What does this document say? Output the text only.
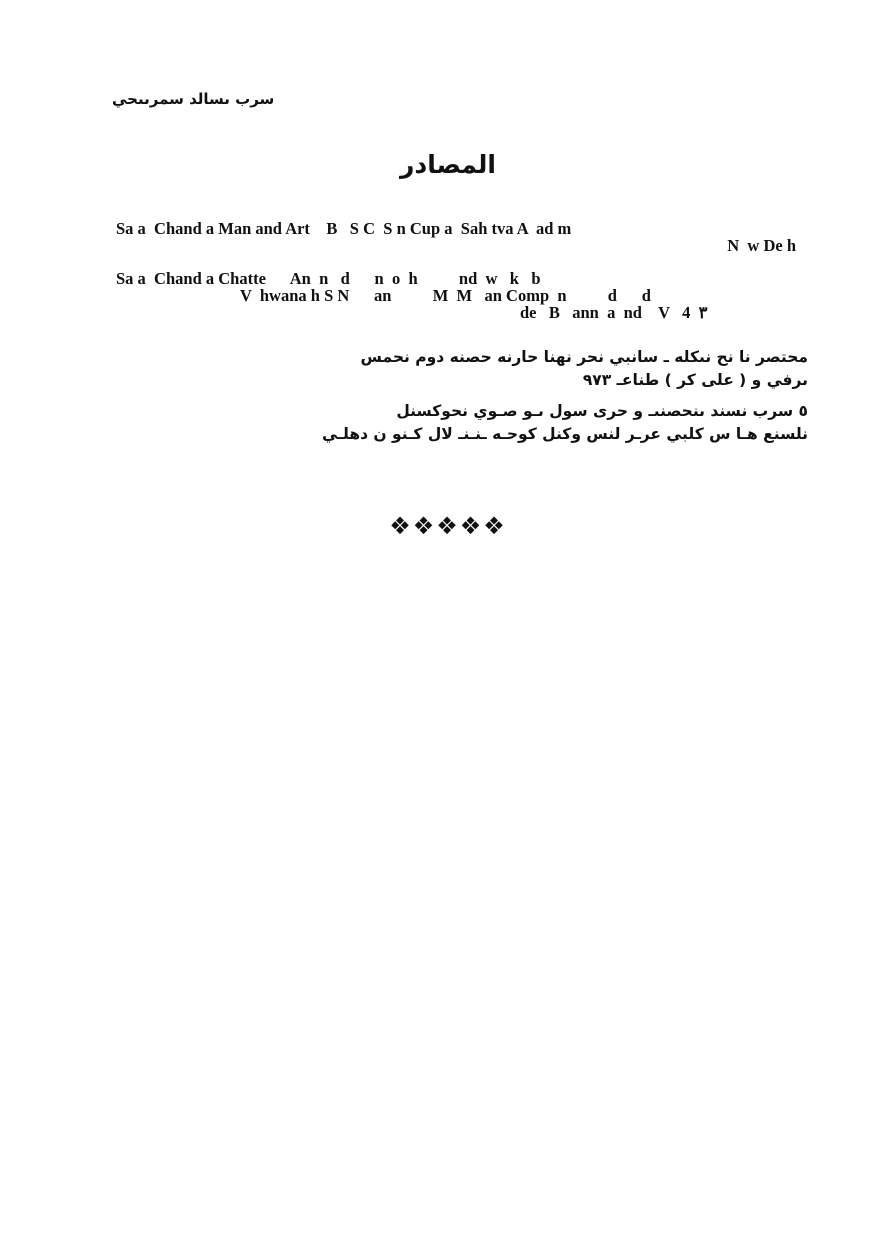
سرب ںسالد سمرىىحي
المصادر
Sa a  Chand a Man and Art    B   S C  S n Cup a  Sah tva A  ad m
N  w De h
Sa a  Chand a Chatte      An  n   d      n  o  h          nd  w   k   b
V  hwana h S N      an          M  M   an Comp  n          d      d
de   B   ann  a  nd    V   4  ٣
محتصر نا نح نىكله ـ سانبي نحر نهنا حارنه حصنه دوم نحمس
ىرفي و ( على كر ) طناعـ ٩٧٣
٥ سرب نسند ىنحصنىـ و حرى سول ىـو صـوي نحوكسنل
نلسنع هـا س كلبي عرـر لنس وكنل كوحـه ـنـنـ لال كـنو ن دهلـي
❖❖❖❖❖
